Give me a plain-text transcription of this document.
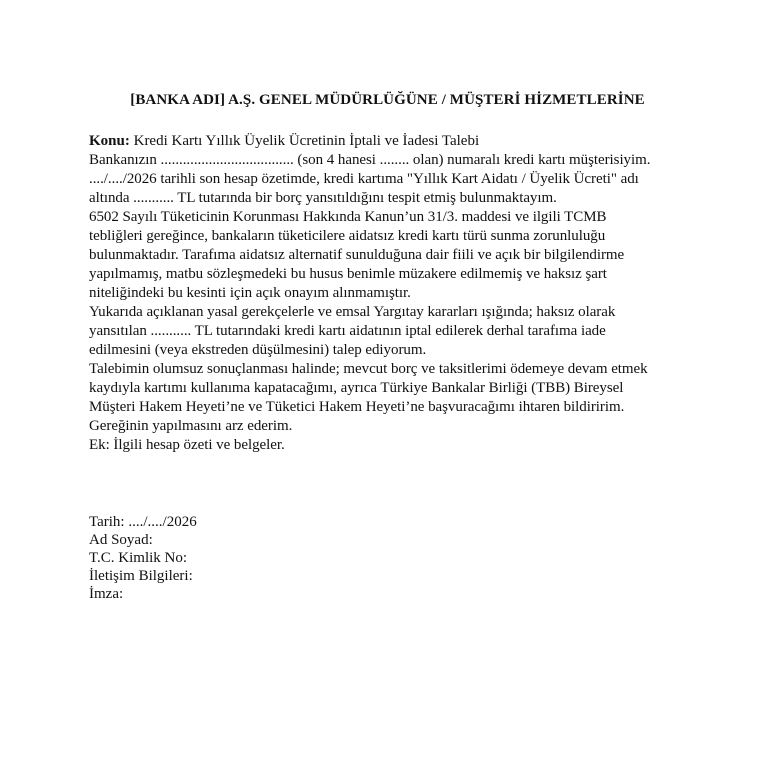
[BANKA ADI] A.Ş. GENEL MÜDÜRLÜĞÜNE / MÜŞTERİ HİZMETLERİNE
Konu: Kredi Kartı Yıllık Üyelik Ücretinin İptali ve İadesi Talebi

Bankanızın .................................... (son 4 hanesi ........ olan) numaralı kredi kartı müşterisiyim.
..../..../2026 tarihli son hesap özetimde, kredi kartıma "Yıllık Kart Aidatı / Üyelik Ücreti" adı
altında ........... TL tutarında bir borç yansıtıldığını tespit etmiş bulunmaktayım.

6502 Sayılı Tüketicinin Korunması Hakkında Kanun’un 31/3. maddesi ve ilgili TCMB
tebliğleri gereğince, bankaların tüketicilere aidatsız kredi kartı türü sunma zorunluluğu
bulunmaktadır. Tarafıma aidatsız alternatif sunulduğuna dair fiili ve açık bir bilgilendirme
yapılmamış, matbu sözleşmedeki bu husus benimle müzakere edilmemiş ve haksız şart
niteliğindeki bu kesinti için açık onayım alınmamıştır.

Yukarıda açıklanan yasal gerekçelerle ve emsal Yargıtay kararları ışığında; haksız olarak
yansıtılan ........... TL tutarındaki kredi kartı aidatının iptal edilerek derhal tarafıma iade
edilmesini (veya ekstreden düşülmesini) talep ediyorum.

Talebimin olumsuz sonuçlanması halinde; mevcut borç ve taksitlerimi ödemeye devam etmek
kaydıyla kartımı kullanıma kapatacağımı, ayrıca Türkiye Bankalar Birliği (TBB) Bireysel
Müşteri Hakem Heyeti’ne ve Tüketici Hakem Heyeti’ne başvuracağımı ihtaren bildiririm.

Gereğinin yapılmasını arz ederim.

Ek: İlgili hesap özeti ve belgeler.

Tarih: ..../..../2026
Ad Soyad:
T.C. Kimlik No:
İletişim Bilgileri:
İmza:
